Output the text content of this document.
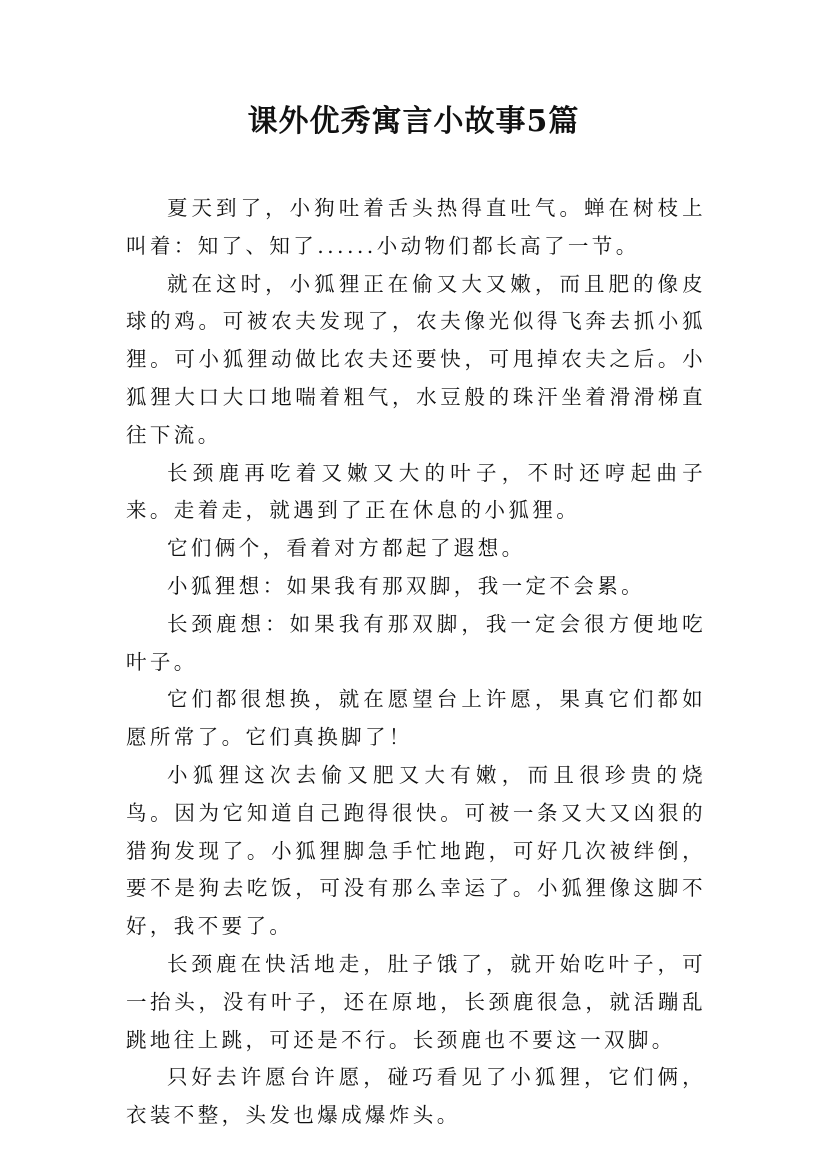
课外优秀寓言小故事5篇

夏天到了，小狗吐着舌头热得直吐气。蝉在树枝上叫着：知了、知了......小动物们都长高了一节。

就在这时，小狐狸正在偷又大又嫩，而且肥的像皮球的鸡。可被农夫发现了，农夫像光似得飞奔去抓小狐狸。可小狐狸动做比农夫还要快，可甩掉农夫之后。小狐狸大口大口地喘着粗气，水豆般的珠汗坐着滑滑梯直往下流。

长颈鹿再吃着又嫩又大的叶子，不时还哼起曲子来。走着走，就遇到了正在休息的小狐狸。

它们俩个，看着对方都起了遐想。

小狐狸想：如果我有那双脚，我一定不会累。

长颈鹿想：如果我有那双脚，我一定会很方便地吃叶子。

它们都很想换，就在愿望台上许愿，果真它们都如愿所常了。它们真换脚了！

小狐狸这次去偷又肥又大有嫩，而且很珍贵的烧鸟。因为它知道自己跑得很快。可被一条又大又凶狠的猎狗发现了。小狐狸脚急手忙地跑，可好几次被绊倒，要不是狗去吃饭，可没有那么幸运了。小狐狸像这脚不好，我不要了。

长颈鹿在快活地走，肚子饿了，就开始吃叶子，可一抬头，没有叶子，还在原地，长颈鹿很急，就活蹦乱跳地往上跳，可还是不行。长颈鹿也不要这一双脚。

只好去许愿台许愿，碰巧看见了小狐狸，它们俩，衣装不整，头发也爆成爆炸头。
